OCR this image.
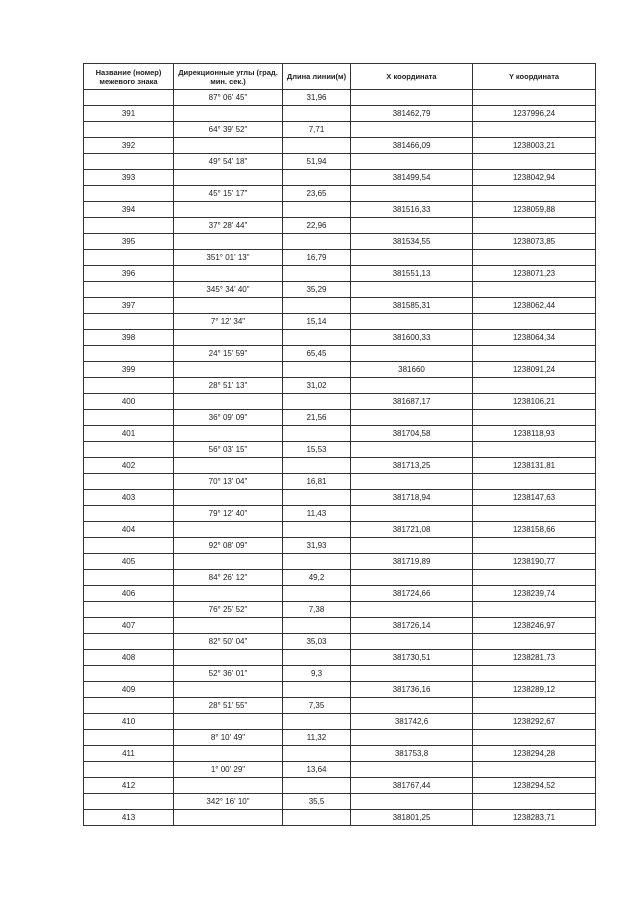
Название (номер) межевого знака	Дирекционные углы (град. мин. сек.)	Длина линии(м)	X координата	Y координата
	87° 06' 45"	31,96		
391			381462,79	1237996,24
	64° 39' 52"	7,71		
392			381466,09	1238003,21
	49° 54' 18"	51,94		
393			381499,54	1238042,94
	45° 15' 17"	23,65		
394			381516,33	1238059,88
	37° 28' 44"	22,96		
395			381534,55	1238073,85
	351° 01' 13"	16,79		
396			381551,13	1238071,23
	345° 34' 40"	35,29		
397			381585,31	1238062,44
	7° 12' 34"	15,14		
398			381600,33	1238064,34
	24° 15' 59"	65,45		
399			381660	1238091,24
	28° 51' 13"	31,02		
400			381687,17	1238106,21
	36° 09' 09"	21,56		
401			381704,58	1238118,93
	56° 03' 15"	15,53		
402			381713,25	1238131,81
	70° 13' 04"	16,81		
403			381718,94	1238147,63
	79° 12' 40"	11,43		
404			381721,08	1238158,66
	92° 08' 09"	31,93		
405			381719,89	1238190,77
	84° 26' 12"	49,2		
406			381724,66	1238239,74
	76° 25' 52"	7,38		
407			381726,14	1238246,97
	82° 50' 04"	35,03		
408			381730,51	1238281,73
	52° 36' 01"	9,3		
409			381736,16	1238289,12
	28° 51' 55"	7,35		
410			381742,6	1238292,67
	8° 10' 49"	11,32		
411			381753,8	1238294,28
	1° 00' 29"	13,64		
412			381767,44	1238294,52
	342° 16' 10"	35,5		
413			381801,25	1238283,71
